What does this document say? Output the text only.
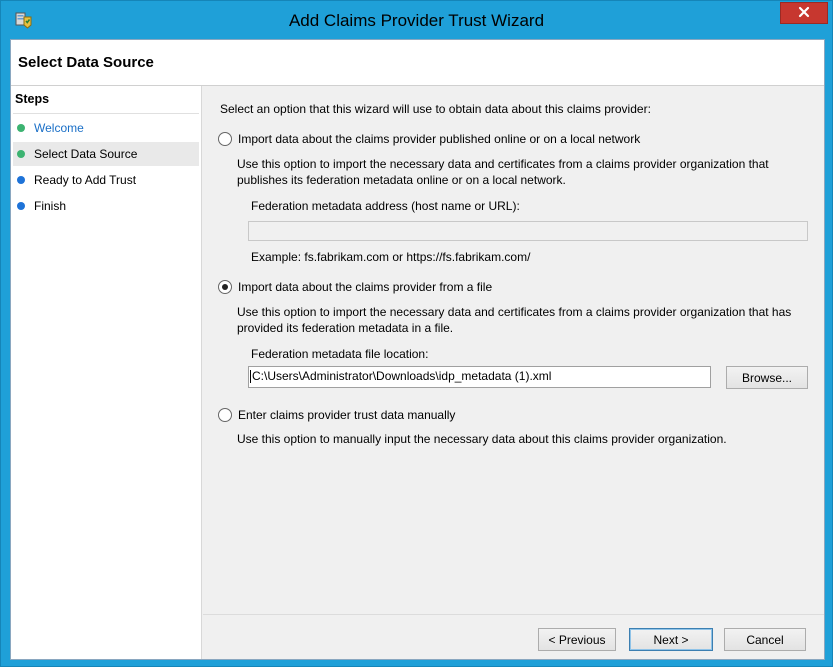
Add Claims Provider Trust Wizard
Select Data Source
Steps
Welcome
Select Data Source
Ready to Add Trust
Finish
Select an option that this wizard will use to obtain data about this claims provider:
Import data about the claims provider published online or on a local network
Use this option to import the necessary data and certificates from a claims provider organization that publishes its federation metadata online or on a local network.
Federation metadata address (host name or URL):
Example: fs.fabrikam.com or https://fs.fabrikam.com/
Import data about the claims provider from a file
Use this option to import the necessary data and certificates from a claims provider organization that has provided its federation metadata in a file.
Federation metadata file location:
C:\Users\Administrator\Downloads\idp_metadata (1).xml	Browse...
Enter claims provider trust data manually
Use this option to manually input the necessary data about this claims provider organization.
< Previous	Next >	Cancel
